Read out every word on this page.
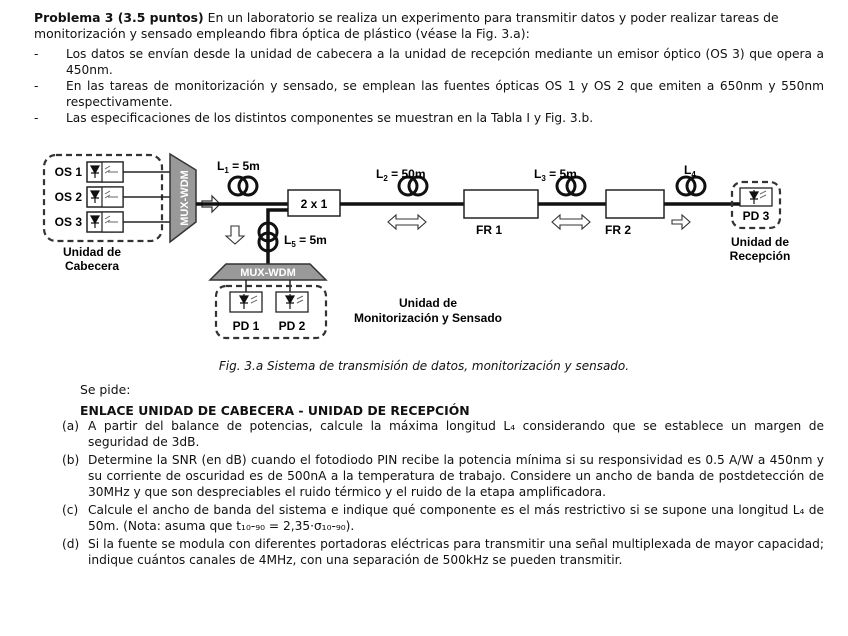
Problema 3 (3.5 puntos) En un laboratorio se realiza un experimento para transmitir datos y poder realizar tareas de monitorización y sensado empleando fibra óptica de plástico (véase la Fig. 3.a):
- Los datos se envían desde la unidad de cabecera a la unidad de recepción mediante un emisor óptico (OS 3) que opera a 450nm.
- En las tareas de monitorización y sensado, se emplean las fuentes ópticas OS 1 y OS 2 que emiten a 650nm y 550nm respectivamente.
- Las especificaciones de los distintos componentes se muestran en la Tabla I y Fig. 3.b.
OS 1
OS 2
OS 3	MUX-WDM
Unidad de
Cabecera
$L_1 = 5m$
2 x 1
$L_2 = 50m$
FR 1
$L_3 = 5m$
FR 2
$L_4$
PD 3
Unidad de
Recepción
$L_5 = 5m$
MUX-WDM
PD 1 PD 2
Unidad de
Monitorización y Sensado
Fig. 3.a Sistema de transmisión de datos, monitorización y sensado.
Se pide:
ENLACE UNIDAD DE CABECERA - UNIDAD DE RECEPCIÓN
(a) A partir del balance de potencias, calcule la máxima longitud L₄ considerando que se establece un margen de seguridad de 3dB.
(b) Determine la SNR (en dB) cuando el fotodiodo PIN recibe la potencia mínima si su responsividad es 0.5 A/W a 450nm y su corriente de oscuridad es de 500nA a la temperatura de trabajo. Considere un ancho de banda de postdetección de 30MHz y que son despreciables el ruido térmico y el ruido de la etapa amplificadora.
(c) Calcule el ancho de banda del sistema e indique qué componente es el más restrictivo si se supone una longitud L₄ de 50m. (Nota: asuma que t₁₀‑₉₀ = 2,35·σ₁₀‑₉₀).
(d) Si la fuente se modula con diferentes portadoras eléctricas para transmitir una señal multiplexada de mayor capacidad; indique cuántos canales de 4MHz, con una separación de 500kHz se pueden transmitir.
